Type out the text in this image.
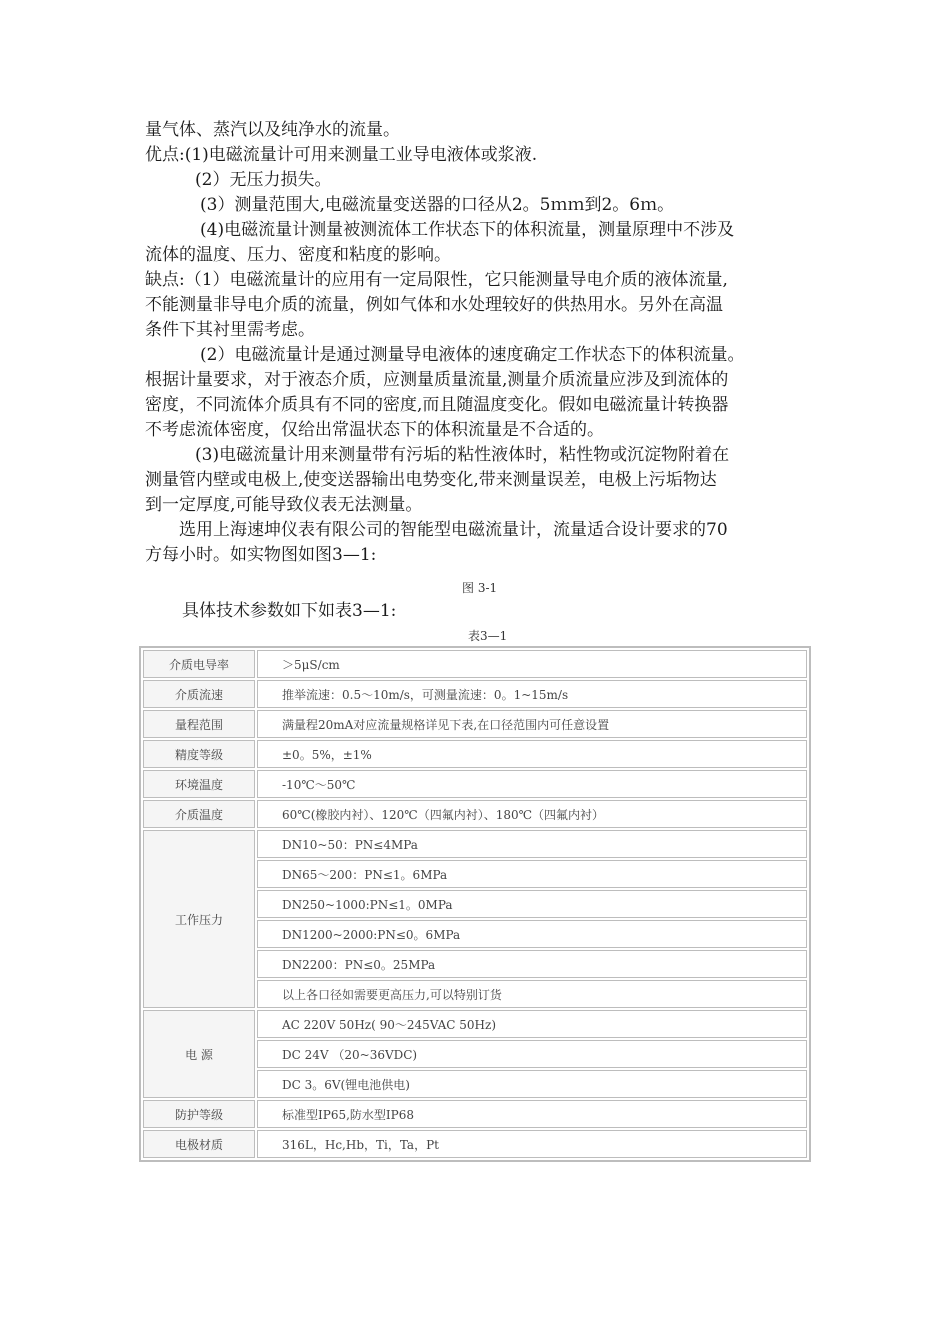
量气体、蒸汽以及纯净水的流量。
优点:(1)电磁流量计可用来测量工业导电液体或浆液.
(2）无压力损失。
(3）测量范围大,电磁流量变送器的口径从2。5ｍｍ到2。6ｍ。
(4)电磁流量计测量被测流体工作状态下的体积流量，测量原理中不涉及
流体的温度、压力、密度和粘度的影响。
缺点:（1）电磁流量计的应用有一定局限性，它只能测量导电介质的液体流量,
不能测量非导电介质的流量，例如气体和水处理较好的供热用水。另外在高温
条件下其衬里需考虑。
(2）电磁流量计是通过测量导电液体的速度确定工作状态下的体积流量。
根据计量要求，对于液态介质，应测量质量流量,测量介质流量应涉及到流体的
密度，不同流体介质具有不同的密度,而且随温度变化。假如电磁流量计转换器
不考虑流体密度，仅给出常温状态下的体积流量是不合适的。
(3)电磁流量计用来测量带有污垢的粘性液体时，粘性物或沉淀物附着在
测量管内壁或电极上,使变送器输出电势变化,带来测量误差，电极上污垢物达
到一定厚度,可能导致仪表无法测量。
选用上海速坤仪表有限公司的智能型电磁流量计，流量适合设计要求的70
方每小时。如实物图如图3—1:
图 3-1
具体技术参数如下如表3—1:
表3—1
介质电导率	＞5μS/cm
介质流速	推举流速：0.5～10m/s，可测量流速：0。1~15m/s
量程范围	满量程20mA对应流量规格详见下表,在口径范围内可任意设置
精度等级	±0。5%，±1%
环境温度	-10℃～50℃
介质温度	60℃(橡胶内衬）、120℃（四氟内衬）、180℃（四氟内衬）
工作压力	DN10~50：PN≤4MPa
	DN65～200：PN≤1。6MPa
	DN250~1000:PN≤1。0MPa
	DN1200~2000:PN≤0。6MPa
	DN2200：PN≤0。25MPa
	以上各口径如需要更高压力,可以特别订货
电 源	AC 220V 50Hz( 90～245VAC 50Hz)
	DC 24V （20~36VDC)
	DC 3。6V(锂电池供电)
防护等级	标准型IP65,防水型IP68
电极材质	316L，Hc,Hb，Ti，Ta，Pt
